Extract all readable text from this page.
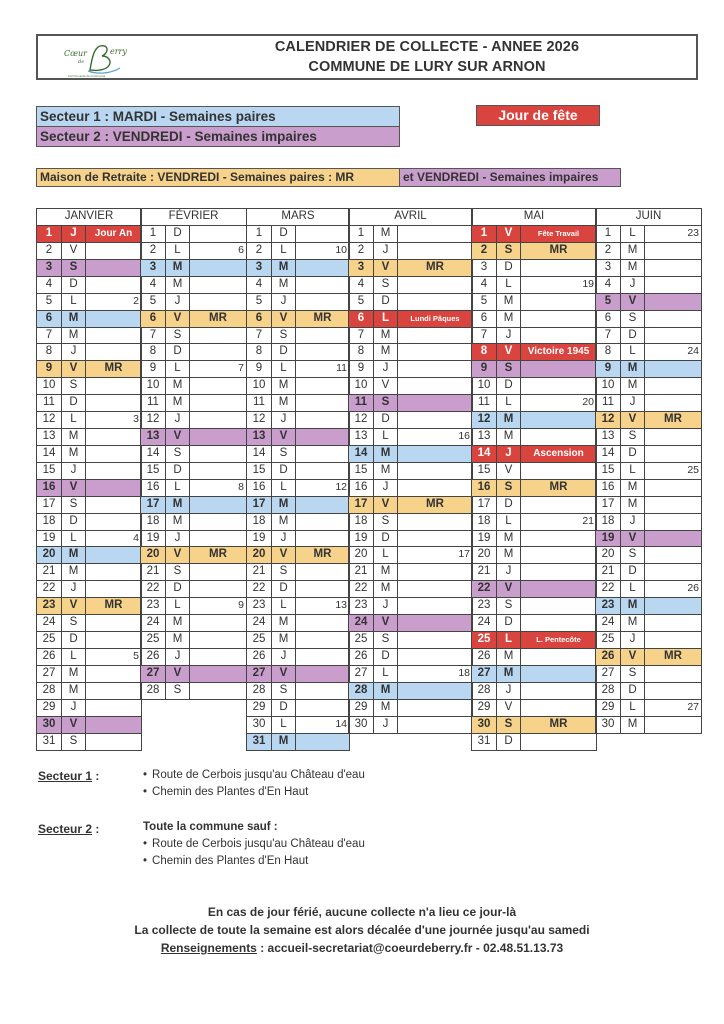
Cœur
de
erry
Communauté de Communes
CALENDRIER DE COLLECTE - ANNEE 2026
COMMUNE DE LURY SUR ARNON
Secteur 1 : MARDI - Semaines paires
Secteur 2 : VENDREDI - Semaines impaires
Jour de fête
Maison de Retraite : VENDREDI - Semaines paires : MR	et VENDREDI - Semaines impaires
JANVIER
1	J	Jour An
2	V
3	S
4	D
5	L	2
6	M
7	M
8	J
9	V	MR
10	S
11	D
12	L	3
13	M
14	M
15	J
16	V
17	S
18	D
19	L	4
20	M
21	M
22	J
23	V	MR
24	S
25	D
26	L	5
27	M
28	M
29	J
30	V
31	S
FÉVRIER
1	D
2	L	6
3	M
4	M
5	J
6	V	MR
7	S
8	D
9	L	7
10	M
11	M
12	J
13	V
14	S
15	D
16	L	8
17	M
18	M
19	J
20	V	MR
21	S
22	D
23	L	9
24	M
25	M
26	J
27	V
28	S
MARS
1	D
2	L	10
3	M
4	M
5	J
6	V	MR
7	S
8	D
9	L	11
10	M
11	M
12	J
13	V
14	S
15	D
16	L	12
17	M
18	M
19	J
20	V	MR
21	S
22	D
23	L	13
24	M
25	M
26	J
27	V
28	S
29	D
30	L	14
31	M
AVRIL
1	M
2	J
3	V	MR
4	S
5	D
6	L	Lundi Pâques
7	M
8	M
9	J
10	V
11	S
12	D
13	L	16
14	M
15	M
16	J
17	V	MR
18	S
19	D
20	L	17
21	M
22	M
23	J
24	V
25	S
26	D
27	L	18
28	M
29	M
30	J
MAI
1	V	Fête Travail
2	S	MR
3	D
4	L	19
5	M
6	M
7	J
8	V	Victoire 1945
9	S
10	D
11	L	20
12	M
13	M
14	J	Ascension
15	V
16	S	MR
17	D
18	L	21
19	M
20	M
21	J
22	V
23	S
24	D
25	L	L. Pentecôte
26	M
27	M
28	J
29	V
30	S	MR
31	D
JUIN
1	L	23
2	M
3	M
4	J
5	V
6	S
7	D
8	L	24
9	M
10	M
11	J
12	V	MR
13	S
14	D
15	L	25
16	M
17	M
18	J
19	V
20	S
21	D
22	L	26
23	M
24	M
25	J
26	V	MR
27	S
28	D
29	L	27
30	M
Secteur 1 :	• Route de Cerbois jusqu'au Château d'eau
• Chemin des Plantes d'En Haut
Secteur 2 :	Toute la commune sauf :
• Route de Cerbois jusqu'au Château d'eau
• Chemin des Plantes d'En Haut
En cas de jour férié, aucune collecte n'a lieu ce jour-là
La collecte de toute la semaine est alors décalée d'une journée jusqu'au samedi
Renseignements : accueil-secretariat@coeurdeberry.fr - 02.48.51.13.73
